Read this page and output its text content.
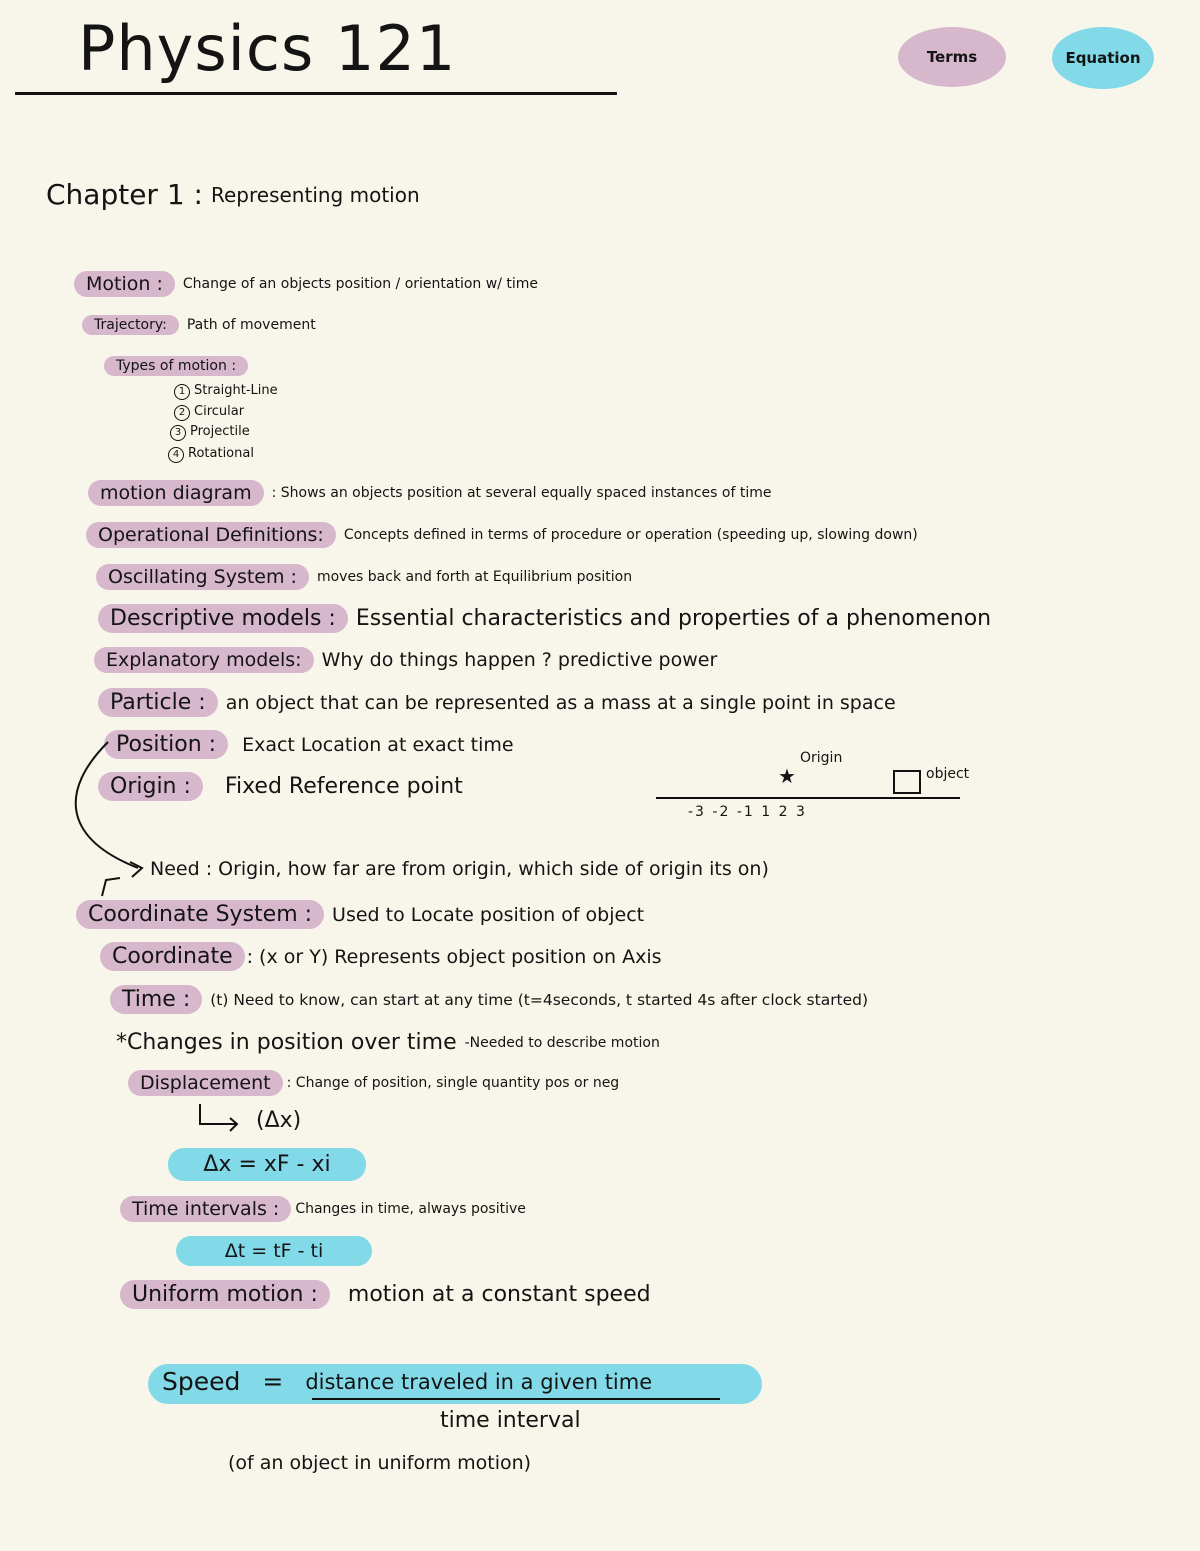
Physics 121	Terms	Equation
Chapter 1 : Representing motion
Motion :	Change of an objects position / orientation w/ time
Trajectory:	Path of movement
Types of motion :
1 Straight-Line
2 Circular
3 Projectile
4 Rotational
motion diagram	: Shows an objects position at several equally spaced instances of time
Operational Definitions:	Concepts defined in terms of procedure or operation (speeding up, slowing down)
Oscillating System :	moves back and forth at Equilibrium position
Descriptive models : Essential characteristics and properties of a phenomenon
Explanatory models:	Why do things happen ? predictive power
Particle :	an object that can be represented as a mass at a single point in space
Position :	Exact Location at exact time
Origin :	Fixed Reference point	★
Origin
object
-3 -2 -1 1 2 3
Need : Origin, how far are from origin, which side of origin its on)
Coordinate System :	Used to Locate position of object
Coordinate : (x or Y) Represents object position on Axis
Time :	(t) Need to know, can start at any time (t=4seconds, t started 4s after clock started)
* Changes in position over time -Needed to describe motion
Displacement	: Change of position, single quantity pos or neg
(Δx)
Δx = xF - xi
Time intervals :	Changes in time, always positive
Δt = tF - ti
Uniform motion :	motion at a constant speed
Speed = distance traveled in a given time
time interval
(of an object in uniform motion)
